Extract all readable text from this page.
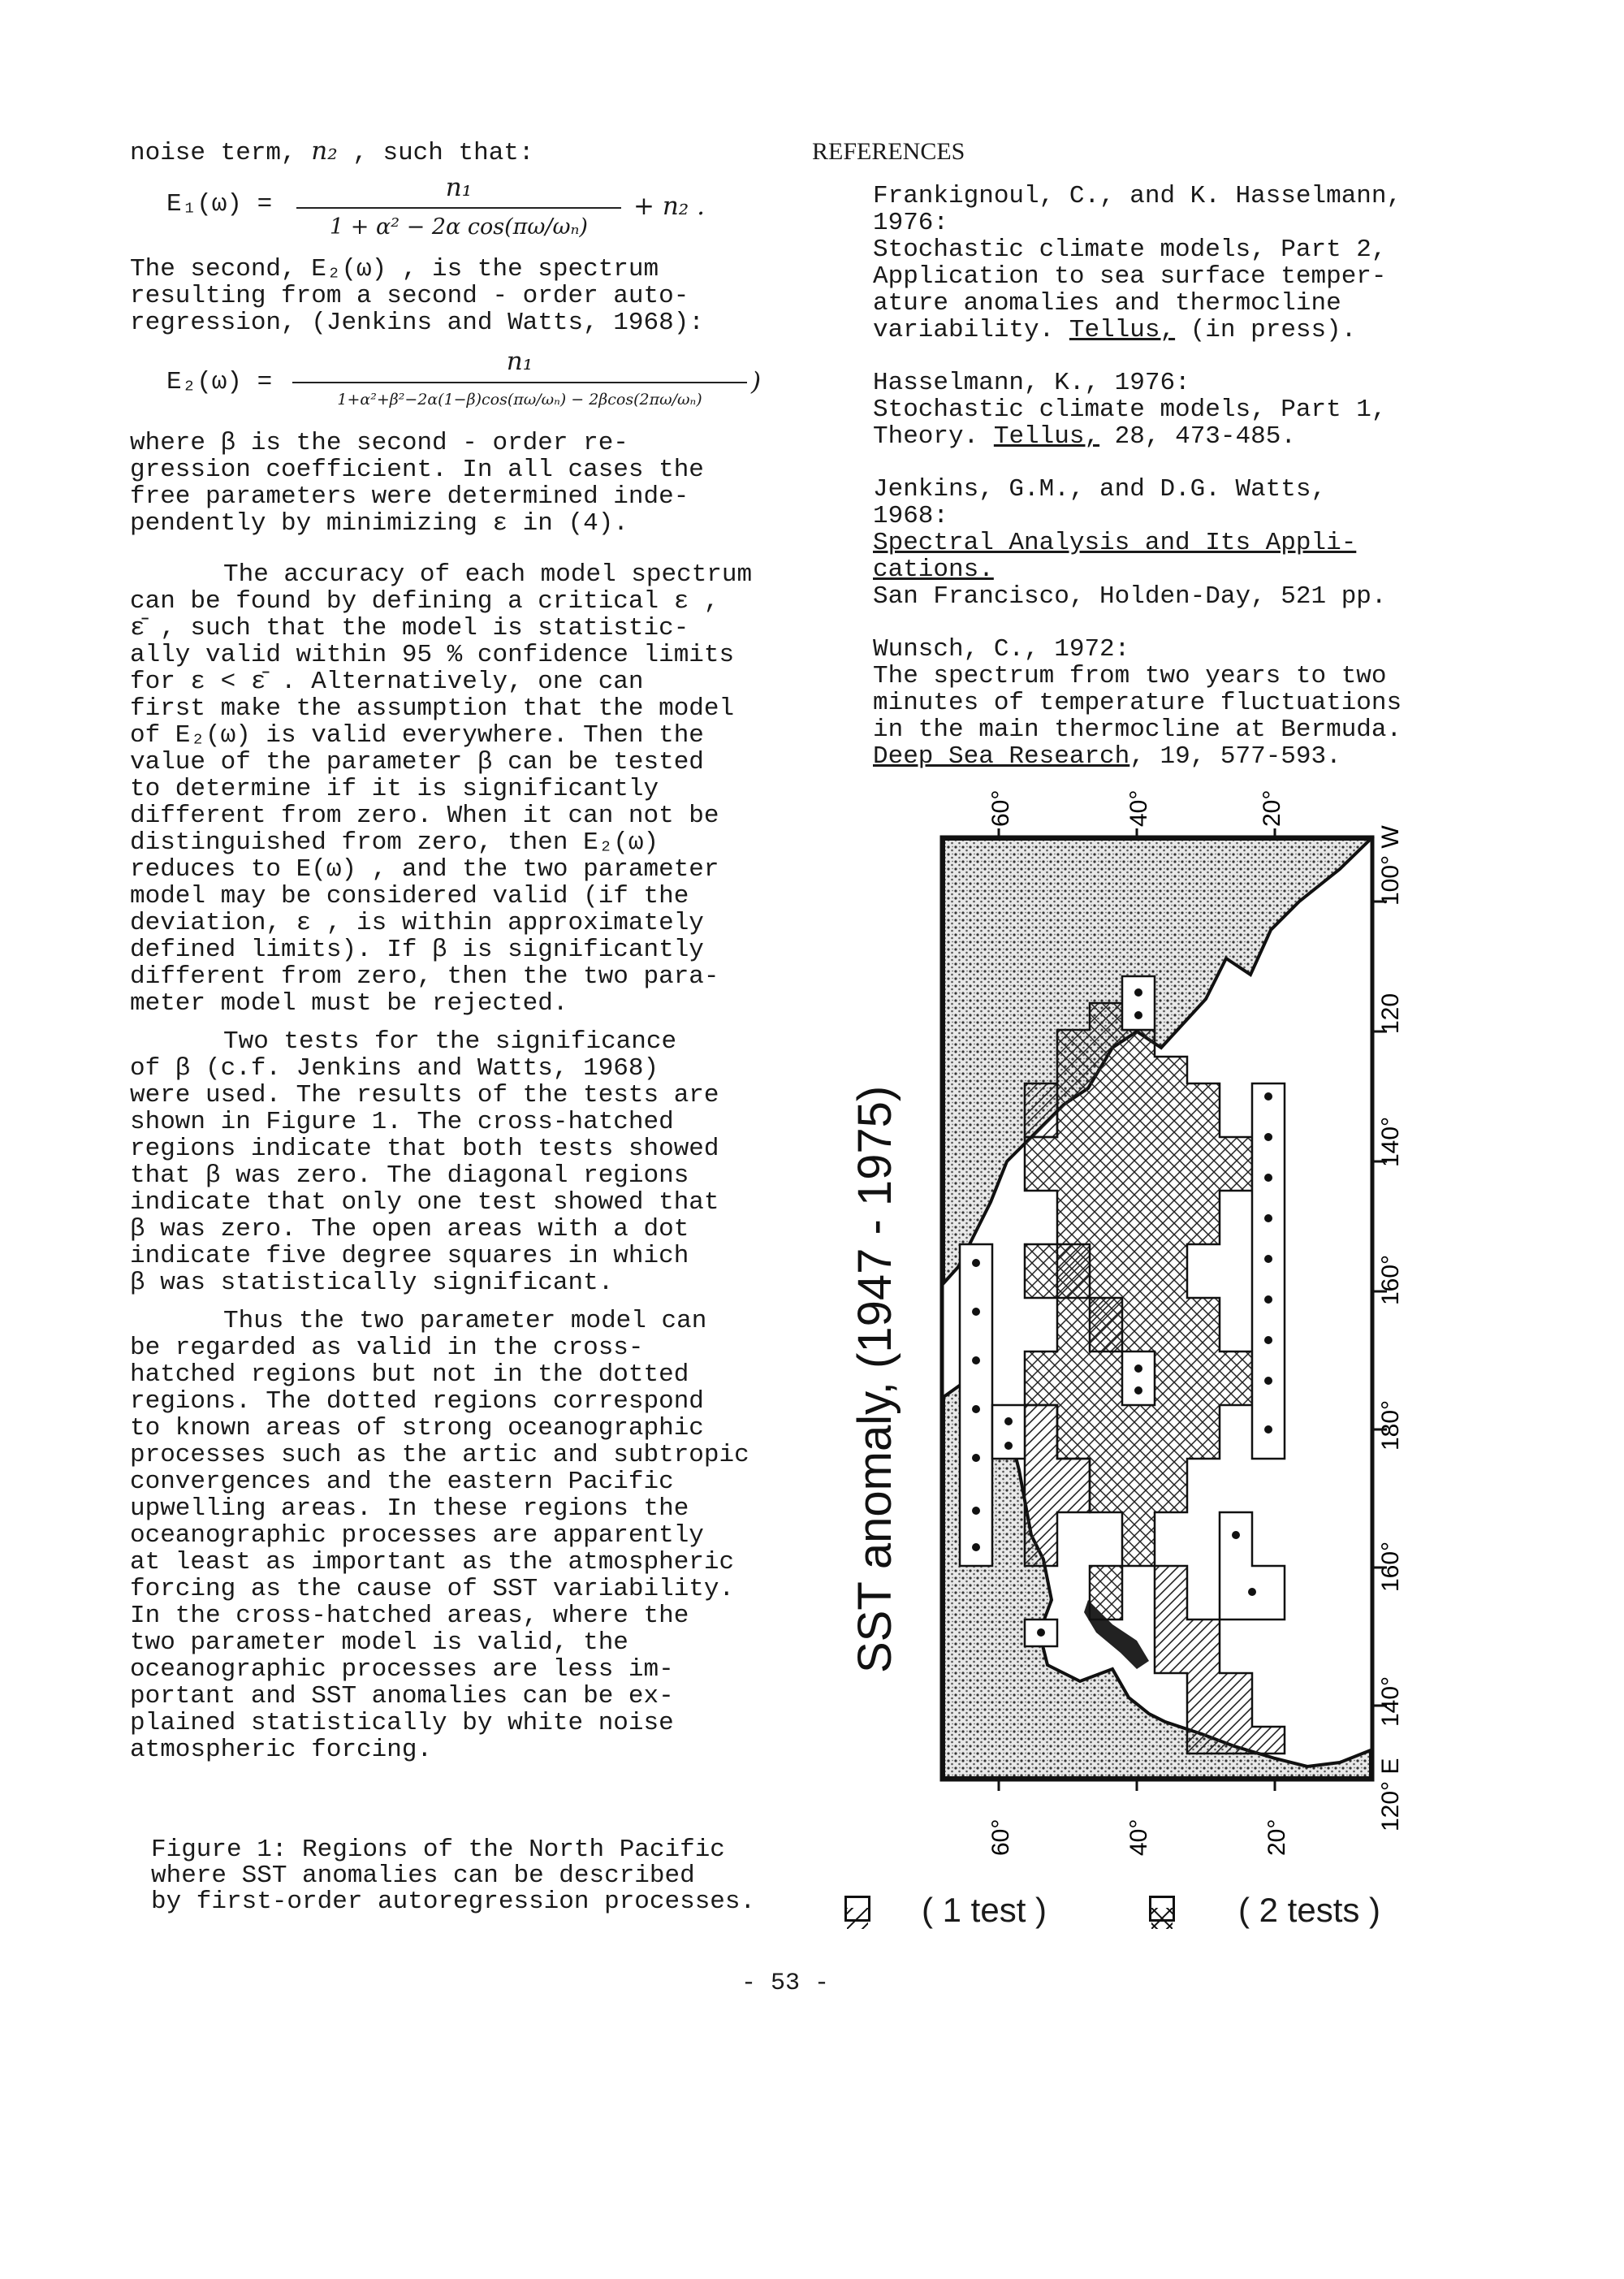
noise term, n₂ , such that:

E₁(ω) =
n₁
1 + α² − 2α cos(πω/ωₙ)
+ n₂ .

The second, E₂(ω) , is the spectrum
resulting from a second - order auto-
regression, (Jenkins and Watts, 1968):

E₂(ω) =
n₁
1+α²+β²−2α(1−β)cos(πω/ωₙ) − 2βcos(2πω/ωₙ)
)

where β is the second - order re-
gression coefficient. In all cases the
free parameters were determined inde-
pendently by minimizing ε in (4).

The accuracy of each model spectrum
can be found by defining a critical ε ,
ε̄ , such that the model is statistic-
ally valid within 95 % confidence limits
for ε < ε̄ . Alternatively, one can
first make the assumption that the model
of E₂(ω) is valid everywhere. Then the
value of the parameter β can be tested
to determine if it is significantly
different from zero. When it can not be
distinguished from zero, then E₂(ω)
reduces to E(ω) , and the two parameter
model may be considered valid (if the
deviation, ε , is within approximately
defined limits). If β is significantly
different from zero, then the two para-
meter model must be rejected.

Two tests for the significance
of β (c.f. Jenkins and Watts, 1968)
were used. The results of the tests are
shown in Figure 1. The cross-hatched
regions indicate that both tests showed
that β was zero. The diagonal regions
indicate that only one test showed that
β was zero. The open areas with a dot
indicate five degree squares in which
β was statistically significant.

Thus the two parameter model can
be regarded as valid in the cross-
hatched regions but not in the dotted
regions. The dotted regions correspond
to known areas of strong oceanographic
processes such as the artic and subtropic
convergences and the eastern Pacific
upwelling areas. In these regions the
oceanographic processes are apparently
at least as important as the atmospheric
forcing as the cause of SST variability.
In the cross-hatched areas, where the
two parameter model is valid, the
oceanographic processes are less im-
portant and SST anomalies can be ex-
plained statistically by white noise
atmospheric forcing.

Figure 1: Regions of the North Pacific
where SST anomalies can be described
by first-order autoregression processes.
- 53 -
REFERENCES

Frankignoul, C., and K. Hasselmann,
1976:
Stochastic climate models, Part 2,
Application to sea surface temper-
ature anomalies and thermocline
variability. Tellus, (in press).

Hasselmann, K., 1976:
Stochastic climate models, Part 1,
Theory. Tellus, 28, 473-485.

Jenkins, G.M., and D.G. Watts,
1968:
Spectral Analysis and Its Appli-
cations.
San Francisco, Holden-Day, 521 pp.

Wunsch, C., 1972:
The spectrum from two years to two
minutes of temperature fluctuations
in the main thermocline at Bermuda.
Deep Sea Research, 19, 577-593.

SST anomaly, (1947 - 1975)
60°	40°	20°
60°	40°	20°
100° W
120
140°
160°
180°
160°
140°
120° E
( 1 test )	( 2 tests )
